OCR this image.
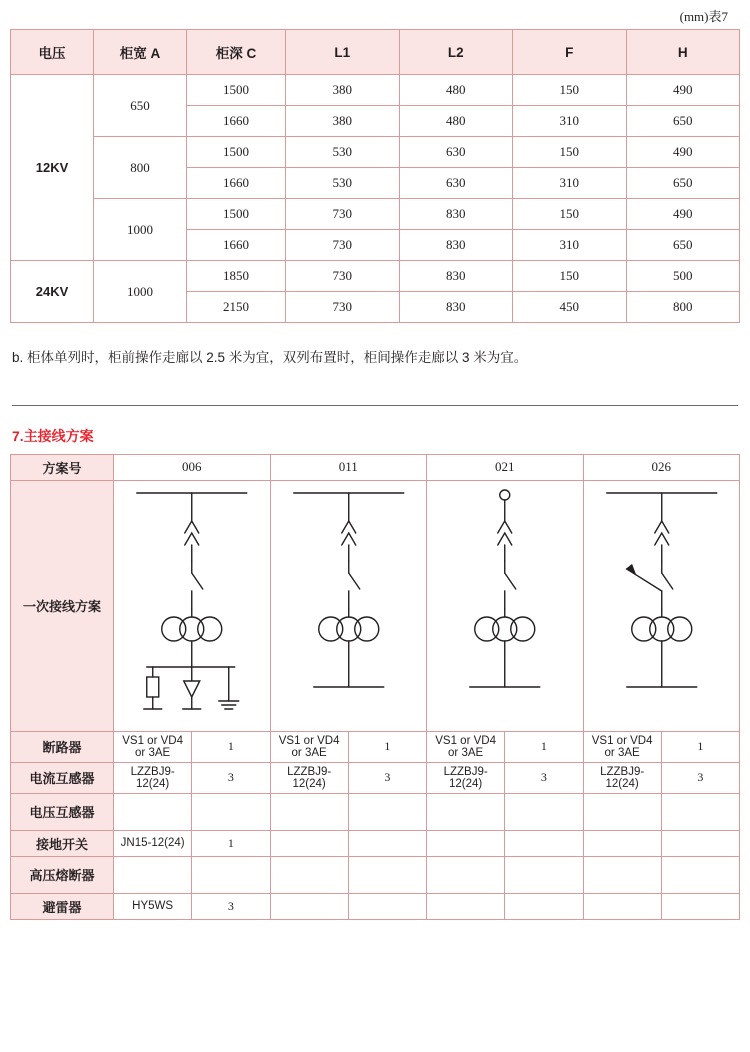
(mm)表7
电压	柜宽 A	柜深 C	L1	L2	F	H
12KV	650	1500	380	480	150	490
		1660	380	480	310	650
	800	1500	530	630	150	490
		1660	530	630	310	650
	1000	1500	730	830	150	490
		1660	730	830	310	650
24KV	1000	1850	730	830	150	500
		2150	730	830	450	800

b. 柜体单列时，柜前操作走廊以 2.5 米为宜，双列布置时，柜间操作走廊以 3 米为宜。

7.主接线方案
方案号	006		011		021		026	
一次接线方案	

断路器	VS1 or VD4 or 3AE	1	VS1 or VD4 or 3AE	1	VS1 or VD4 or 3AE	1	VS1 or VD4 or 3AE	1
电流互感器	LZZBJ9-12(24)	3	LZZBJ9-12(24)	3	LZZBJ9-12(24)	3	LZZBJ9-12(24)	3
电压互感器								
接地开关	JN15-12(24)	1						
高压熔断器								
避雷器	HY5WS	3						
